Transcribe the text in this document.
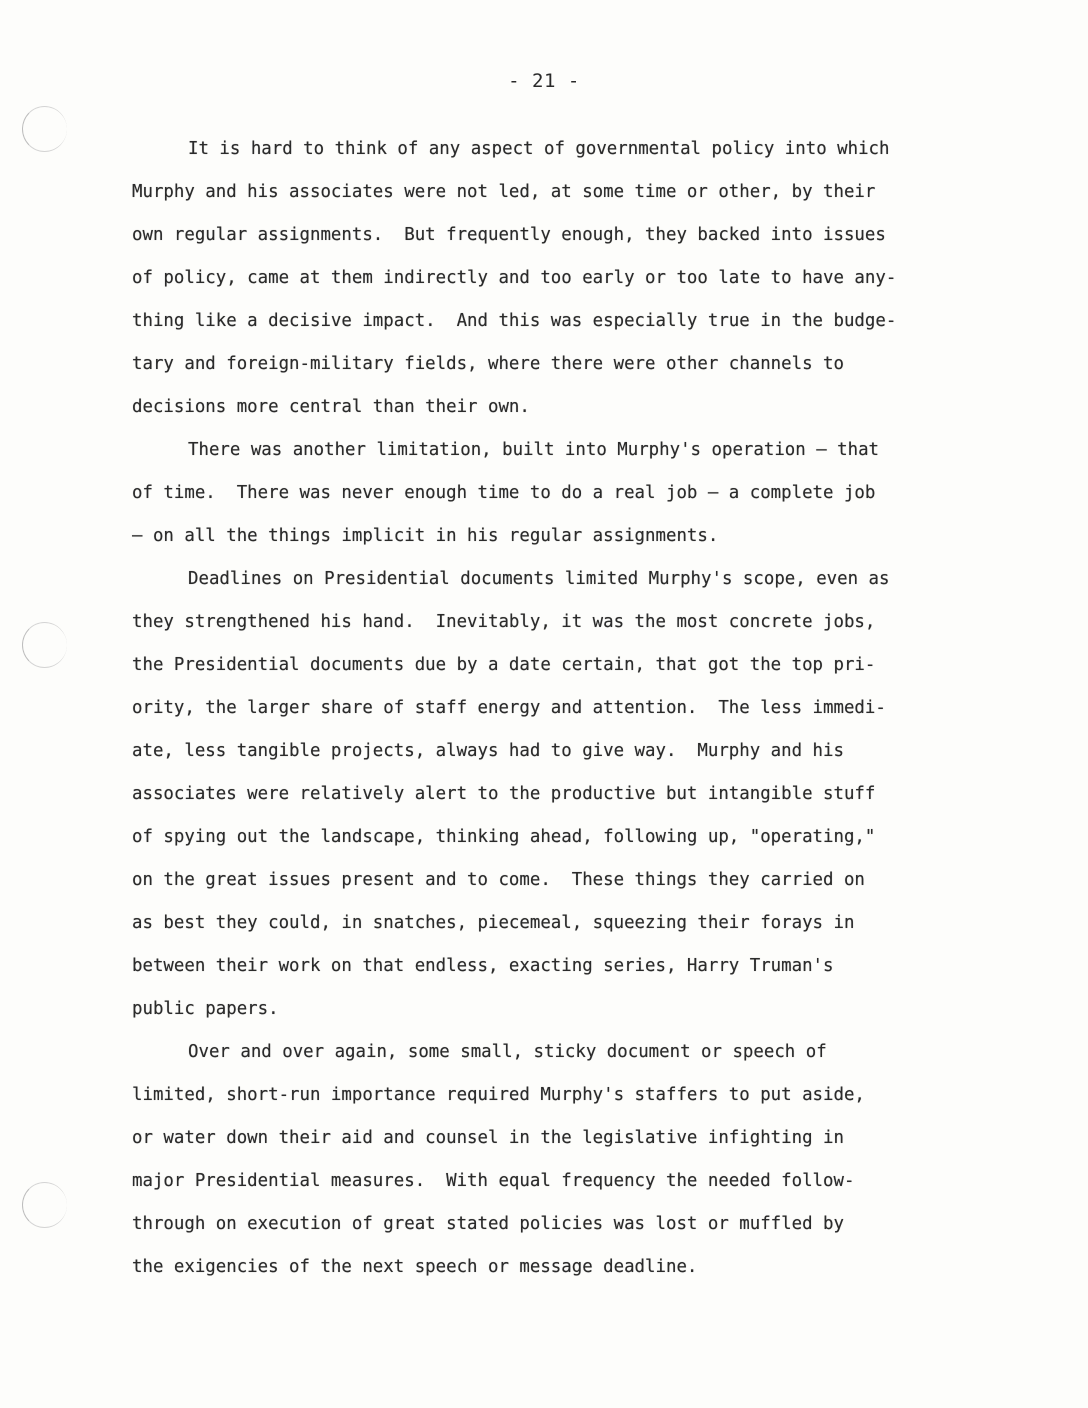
- 21 -
It is hard to think of any aspect of governmental policy into which
Murphy and his associates were not led, at some time or other, by their
own regular assignments.  But frequently enough, they backed into issues
of policy, came at them indirectly and too early or too late to have any-
thing like a decisive impact.  And this was especially true in the budge-
tary and foreign-military fields, where there were other channels to
decisions more central than their own.
There was another limitation, built into Murphy's operation — that
of time.  There was never enough time to do a real job — a complete job
— on all the things implicit in his regular assignments.
Deadlines on Presidential documents limited Murphy's scope, even as
they strengthened his hand.  Inevitably, it was the most concrete jobs,
the Presidential documents due by a date certain, that got the top pri-
ority, the larger share of staff energy and attention.  The less immedi-
ate, less tangible projects, always had to give way.  Murphy and his
associates were relatively alert to the productive but intangible stuff
of spying out the landscape, thinking ahead, following up, "operating,"
on the great issues present and to come.  These things they carried on
as best they could, in snatches, piecemeal, squeezing their forays in
between their work on that endless, exacting series, Harry Truman's
public papers.
Over and over again, some small, sticky document or speech of
limited, short-run importance required Murphy's staffers to put aside,
or water down their aid and counsel in the legislative infighting in
major Presidential measures.  With equal frequency the needed follow-
through on execution of great stated policies was lost or muffled by
the exigencies of the next speech or message deadline.
